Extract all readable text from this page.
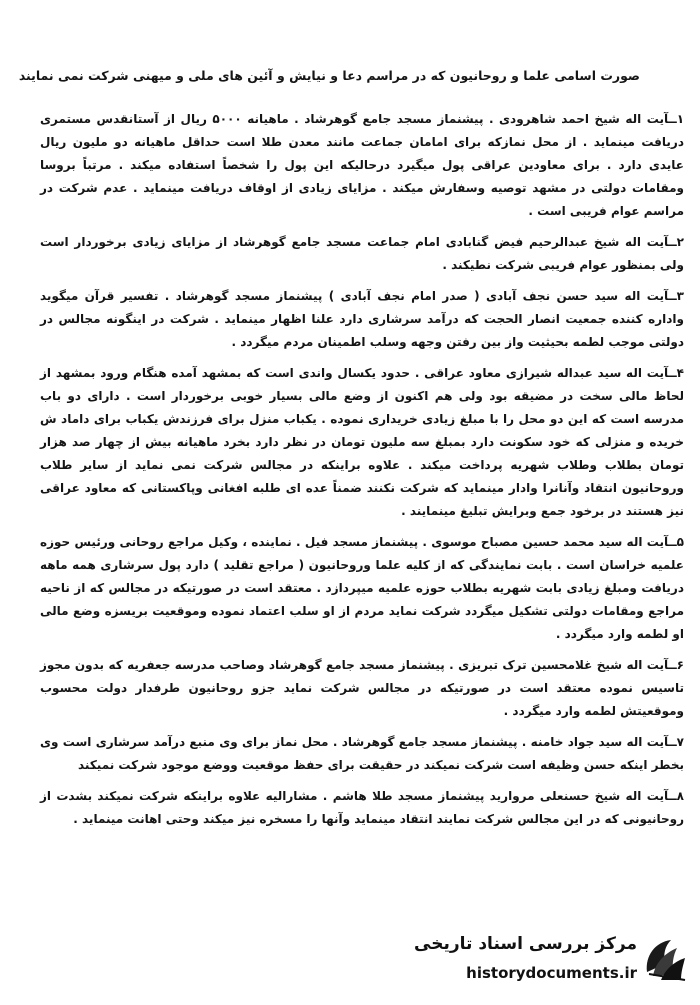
صورت اسامی علما و روحانیون که در مراسم دعا و نیایش و آئین های ملی و میهنی شرکت نمی نمایند

۱ــآیت اله شیخ احمد شاهرودی . پیشنماز مسجد جامع گوهرشاد . ماهیانه ۵۰۰۰ ریال از آستانقدس مستمری دریافت مینماید . از محل نمازکه برای امامان جماعت مانند معدن طلا است حداقل ماهیانه دو ملیون ریال عایدی دارد . برای معاودین عراقی پول میگیرد درحالیکه این پول را شخصاً استفاده میکند . مرتباً بروسا ومقامات دولتی در مشهد توصیه وسفارش میکند . مزایای زیادی از اوقاف دریافت مینماید . عدم شرکت در مراسم عوام فریبی است .

۲ــآیت اله شیخ عبدالرحیم فیض گنابادی امام جماعت مسجد جامع گوهرشاد از مزایای زیادی برخوردار است ولی بمنظور عوام فریبی شرکت نطیکند .

۳ــآیت اله سید حسن نجف آبادی ( صدر امام نجف آبادی ) پیشنماز مسجد گوهرشاد . تفسیر قرآن میگوید واداره کننده جمعیت انصار الحجت که درآمد سرشاری دارد علنا اظهار مینماید . شرکت در اینگونه مجالس در دولتی موجب لطمه بحیثیت واز بین رفتن وجهه وسلب اطمینان مردم میگردد .

۴ــآیت اله سید عبداله شیرازی معاود عراقی . حدود یکسال واندی است که بمشهد آمده هنگام ورود بمشهد از لحاظ مالی سخت در مضیقه بود ولی هم اکنون از وضع مالی بسیار خوبی برخوردار است . دارای دو باب مدرسه است که این دو محل را با مبلغ زیادی خریداری نموده . یکباب منزل برای فرزندش یکباب برای داماد ش خریده و منزلی که خود سکونت دارد بمبلغ سه ملیون تومان در نظر دارد بخرد ماهیانه بیش از چهار صد هزار تومان بطلاب وطلاب شهریه پرداخت میکند . علاوه براینکه در مجالس شرکت نمی نماید از سایر طلاب وروحانیون انتقاد وآنانرا وادار مینماید که شرکت نکنند ضمناً عده ای طلبه افغانی وپاکستانی که معاود عراقی نیز هستند در برخود جمع وبرایش تبلیغ مینمایند .

۵ــآیت اله سید محمد حسین مصباح موسوی . پیشنماز مسجد فیل . نماینده ، وکیل مراجع روحانی ورئیس حوزه علمیه خراسان است . بابت نمایندگی که از کلیه علما وروحانیون ( مراجع تقلید ) دارد پول سرشاری همه ماهه دریافت ومبلغ زیادی بابت شهریه بطلاب حوزه علمیه میپردازد . معتقد است در صورتیکه در مجالس که از ناحیه مراجع ومقامات دولتی تشکیل میگردد شرکت نماید مردم از او سلب اعتماد نموده وموقعیت بریسزه وضع مالی او لطمه وارد میگردد .

۶ــآیت اله شیخ غلامحسین ترک تبریزی . پیشنماز مسجد جامع گوهرشاد وصاحب مدرسه جعفریه که بدون مجوز تاسیس نموده معتقد است در صورتیکه در مجالس شرکت نماید جزو روحانیون طرفدار دولت محسوب وموقعیتش لطمه وارد میگردد .

۷ــآیت اله سید جواد خامنه . پیشنماز مسجد جامع گوهرشاد . محل نماز برای وی منبع درآمد سرشاری است وی بخطر اینکه حسن وظیفه است شرکت نمیکند در حقیقت برای حفظ موقعیت ووضع موجود شرکت نمیکند

۸ــآیت اله شیخ حسنعلی مروارید پیشنماز مسجد طلا هاشم . مشارالیه علاوه براینکه شرکت نمیکند بشدت از روحانیونی که در این مجالس شرکت نمایند انتقاد مینماید وآنها را مسخره نیز میکند وحتی اهانت مینماید .

مرکز بررسی اسناد تاریخی
historydocuments.ir
